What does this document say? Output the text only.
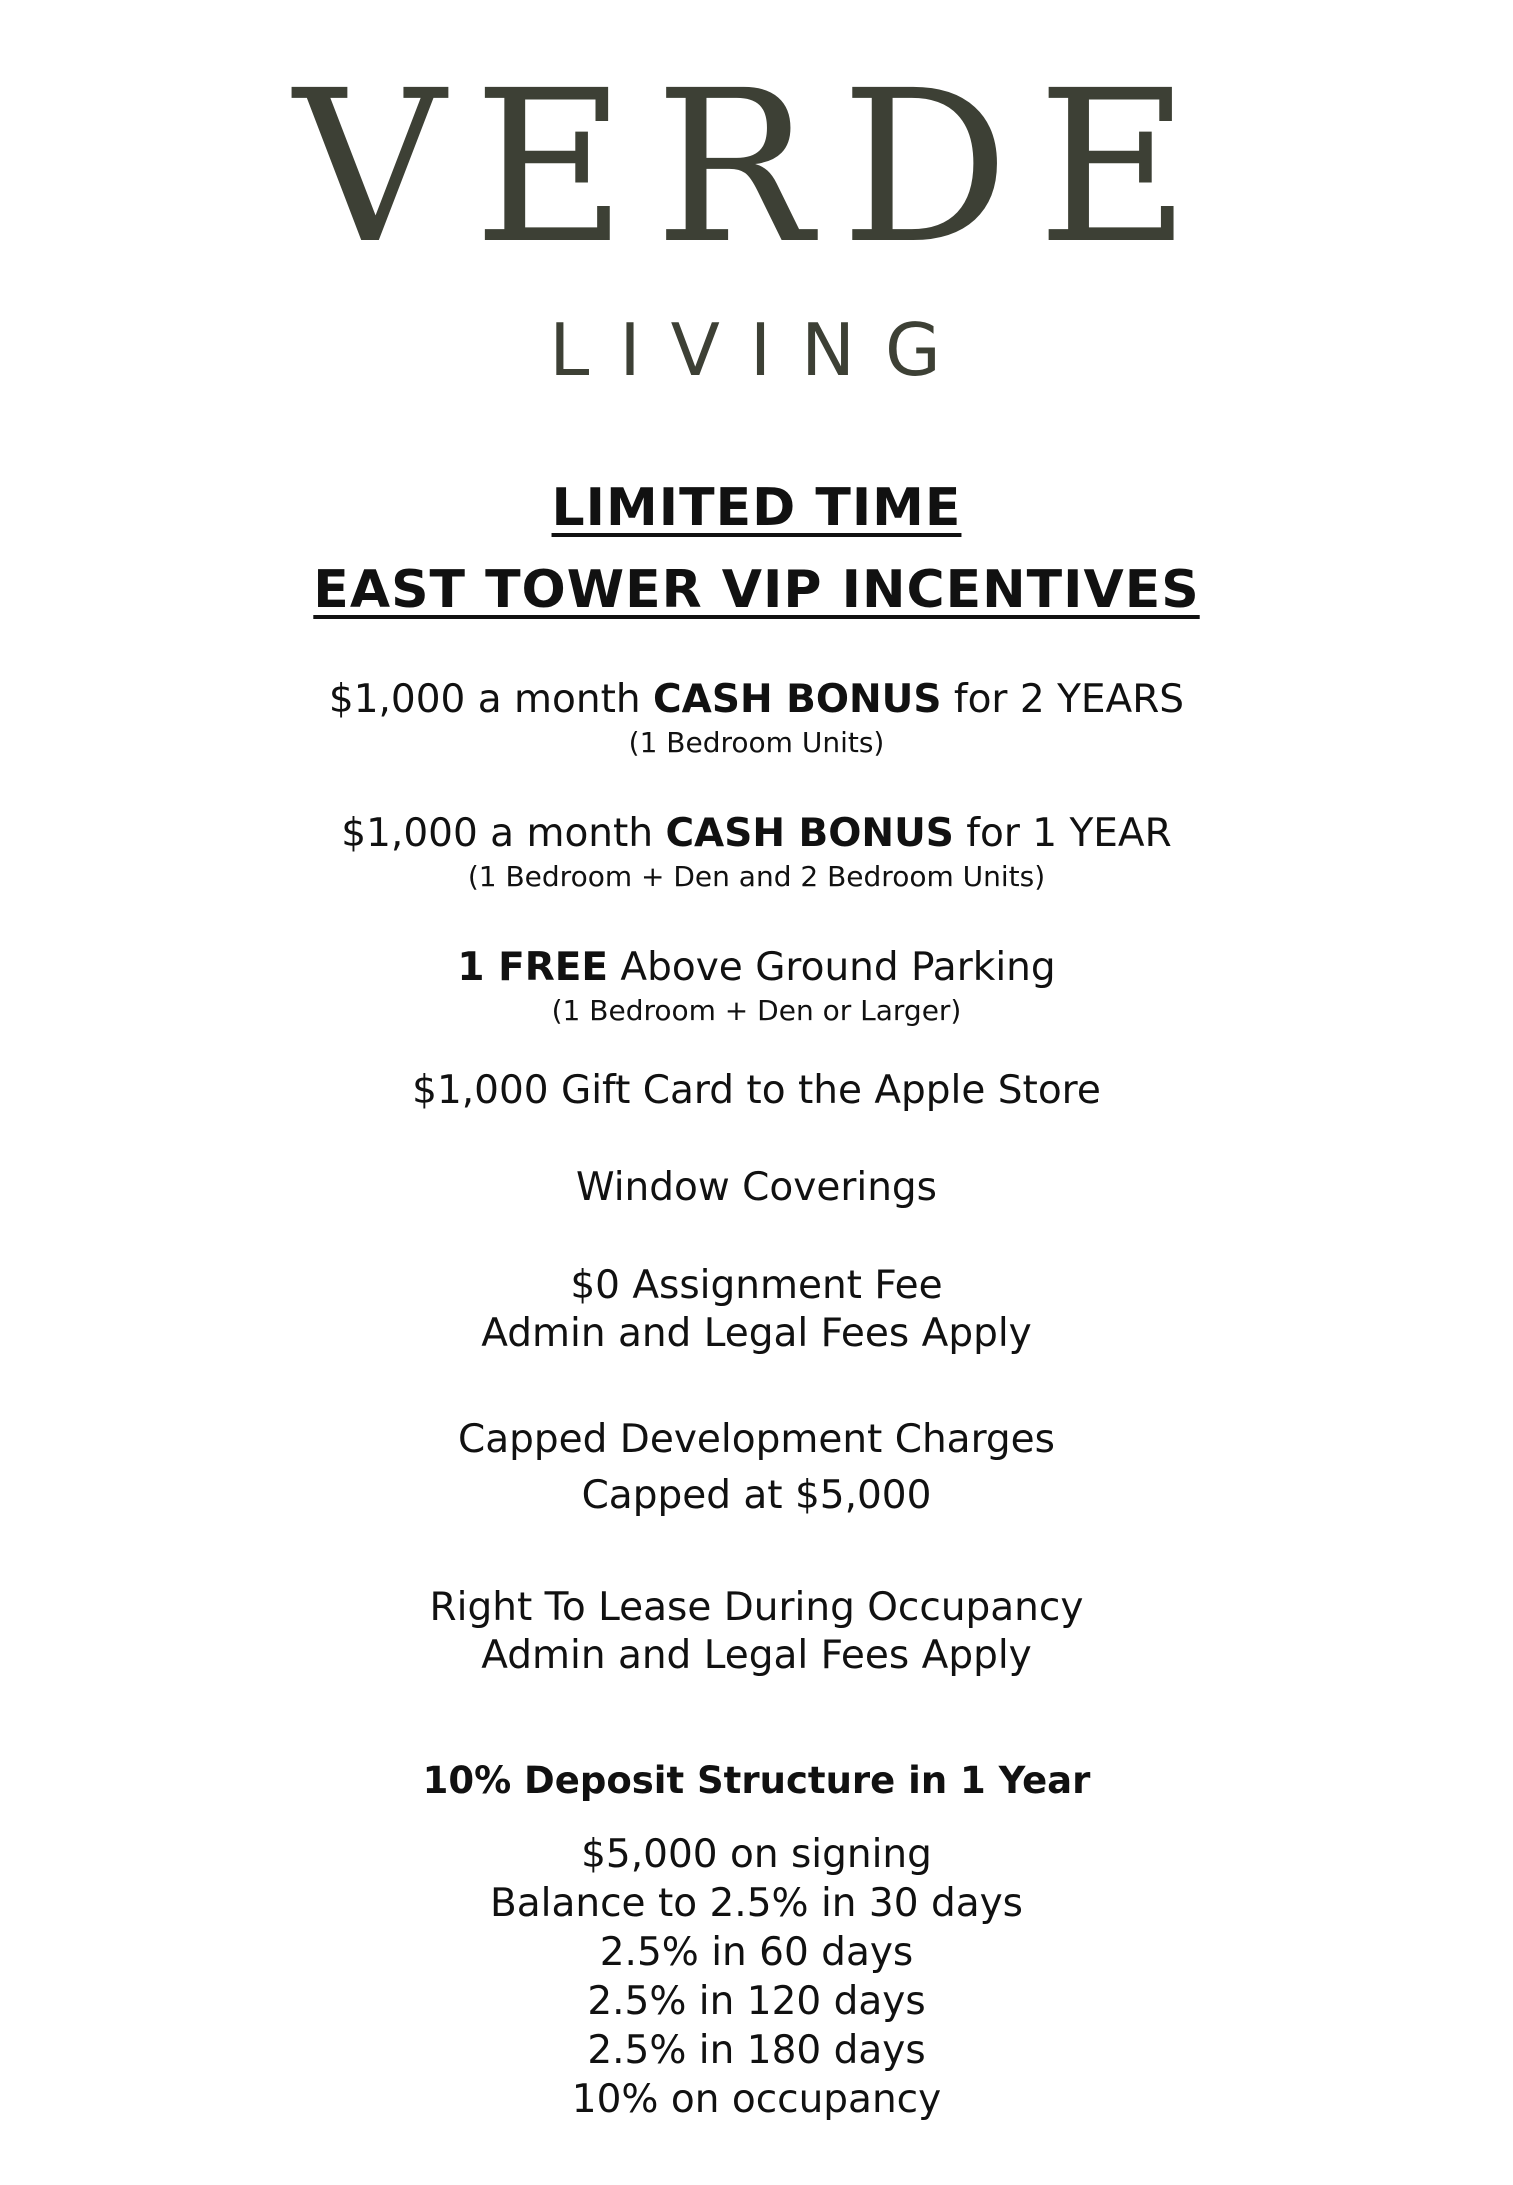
VERDE
LIVING
LIMITED TIME
EAST TOWER VIP INCENTIVES
$1,000 a month CASH BONUS for 2 YEARS
(1 Bedroom Units)
$1,000 a month CASH BONUS for 1 YEAR
(1 Bedroom + Den and 2 Bedroom Units)
1 FREE Above Ground Parking
(1 Bedroom + Den or Larger)
$1,000 Gift Card to the Apple Store
Window Coverings
$0 Assignment Fee
Admin and Legal Fees Apply
Capped Development Charges
Capped at $5,000
Right To Lease During Occupancy
Admin and Legal Fees Apply
10% Deposit Structure in 1 Year
$5,000 on signing
Balance to 2.5% in 30 days
2.5% in 60 days
2.5% in 120 days
2.5% in 180 days
10% on occupancy
